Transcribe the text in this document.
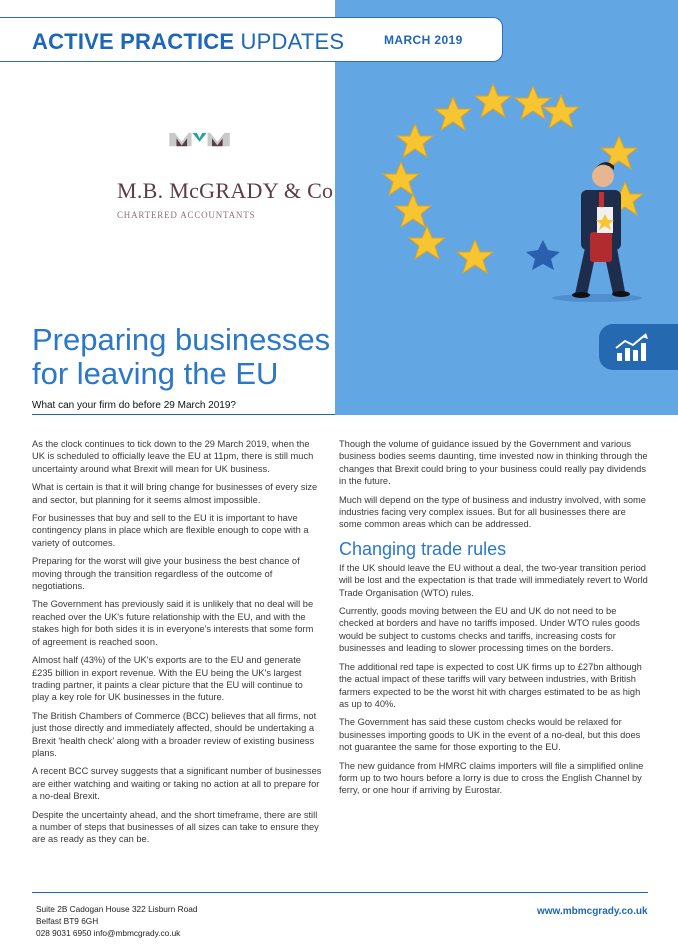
ACTIVE PRACTICE UPDATES	MARCH 2019
M.B. McGRADY & Co
CHARTERED ACCOUNTANTS
Preparing businesses for leaving the EU
What can your firm do before 29 March 2019?

As the clock continues to tick down to the 29 March 2019, when the UK is scheduled to officially leave the EU at 11pm, there is still much uncertainty around what Brexit will mean for UK business.

What is certain is that it will bring change for businesses of every size and sector, but planning for it seems almost impossible.

For businesses that buy and sell to the EU it is important to have contingency plans in place which are flexible enough to cope with a variety of outcomes.

Preparing for the worst will give your business the best chance of moving through the transition regardless of the outcome of negotiations.

The Government has previously said it is unlikely that no deal will be reached over the UK's future relationship with the EU, and with the stakes high for both sides it is in everyone's interests that some form of agreement is reached soon.

Almost half (43%) of the UK's exports are to the EU and generate £235 billion in export revenue. With the EU being the UK's largest trading partner, it paints a clear picture that the EU will continue to play a key role for UK businesses in the future.

The British Chambers of Commerce (BCC) believes that all firms, not just those directly and immediately affected, should be undertaking a Brexit 'health check' along with a broader review of existing business plans.

A recent BCC survey suggests that a significant number of businesses are either watching and waiting or taking no action at all to prepare for a no-deal Brexit.

Despite the uncertainty ahead, and the short timeframe, there are still a number of steps that businesses of all sizes can take to ensure they are as ready as they can be.

Though the volume of guidance issued by the Government and various business bodies seems daunting, time invested now in thinking through the changes that Brexit could bring to your business could really pay dividends in the future.

Much will depend on the type of business and industry involved, with some industries facing very complex issues. But for all businesses there are some common areas which can be addressed.

Changing trade rules

If the UK should leave the EU without a deal, the two-year transition period will be lost and the expectation is that trade will immediately revert to World Trade Organisation (WTO) rules.

Currently, goods moving between the EU and UK do not need to be checked at borders and have no tariffs imposed. Under WTO rules goods would be subject to customs checks and tariffs, increasing costs for businesses and leading to slower processing times on the borders.

The additional red tape is expected to cost UK firms up to £27bn although the actual impact of these tariffs will vary between industries, with British farmers expected to be the worst hit with charges estimated to be as high as up to 40%.

The Government has said these custom checks would be relaxed for businesses importing goods to UK in the event of a no-deal, but this does not guarantee the same for those exporting to the EU.

The new guidance from HMRC claims importers will file a simplified online form up to two hours before a lorry is due to cross the English Channel by ferry, or one hour if arriving by Eurostar.

Suite 2B Cadogan House 322 Lisburn Road
Belfast BT9 6GH
028 9031 6950 info@mbmcgrady.co.uk
www.mbmcgrady.co.uk
